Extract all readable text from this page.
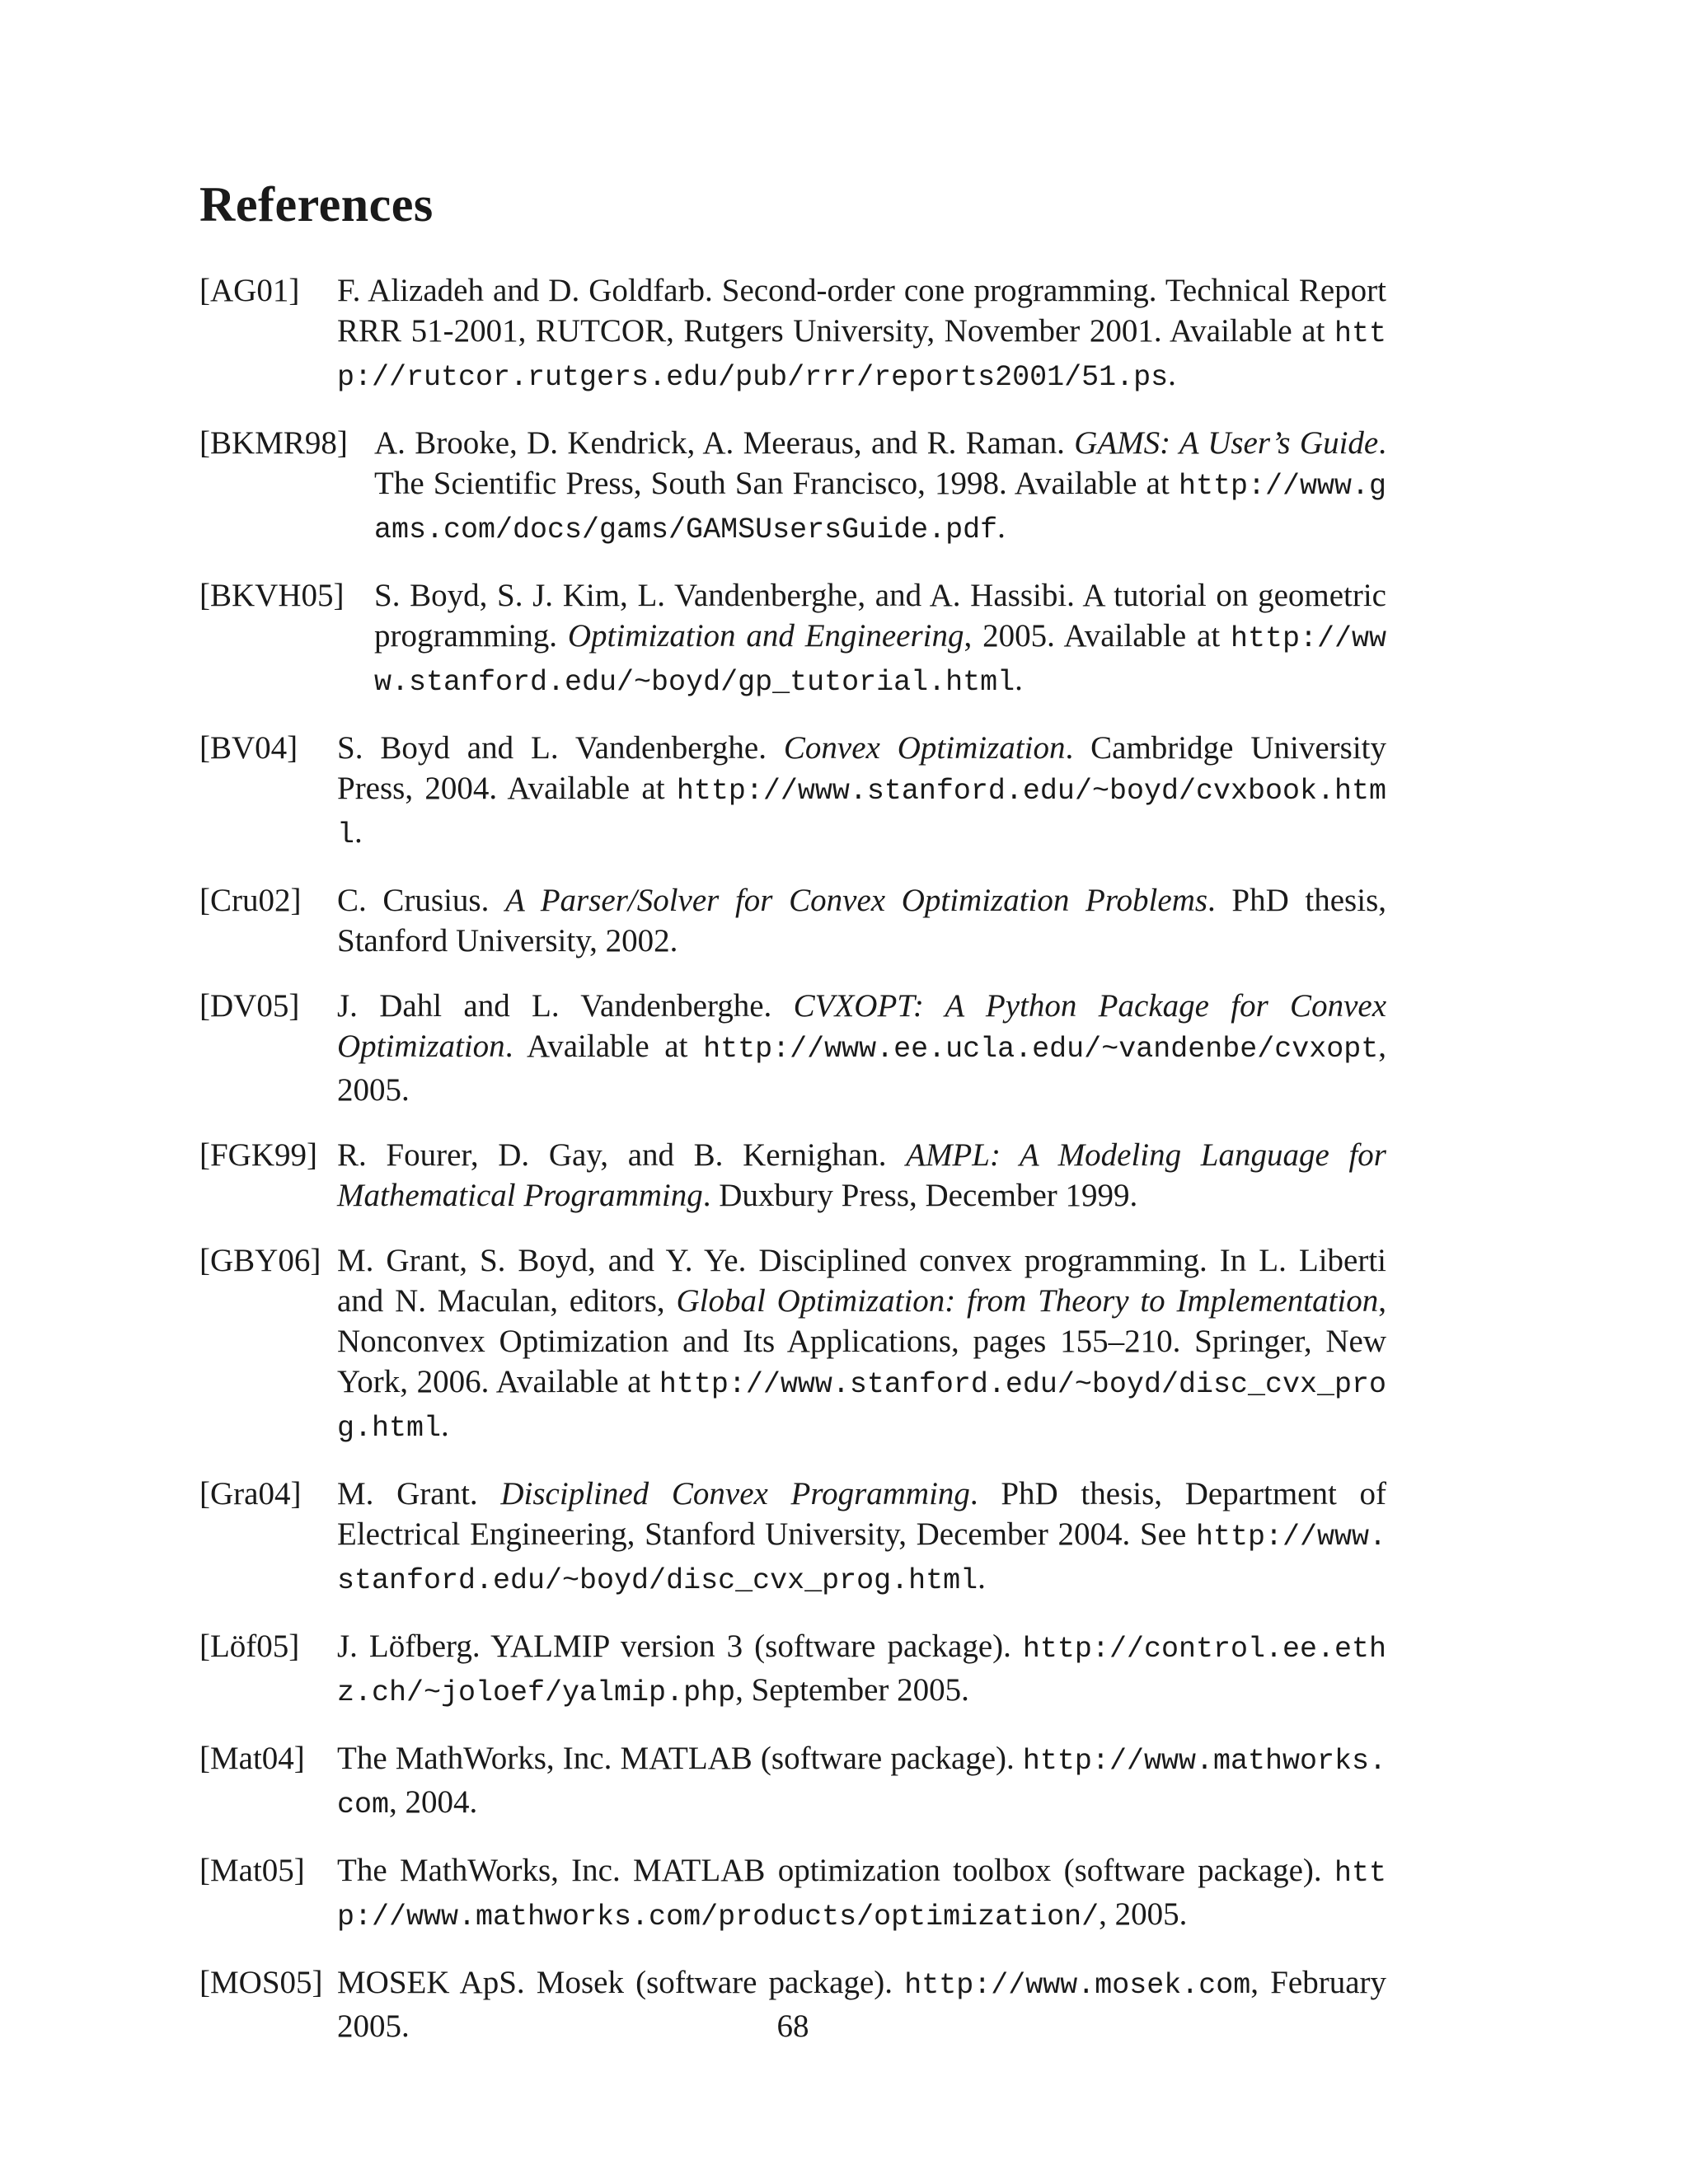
References
[AG01] F. Alizadeh and D. Goldfarb. Second-order cone programming. Technical Report RRR 51-2001, RUTCOR, Rutgers University, November 2001. Available at http://rutcor.rutgers.edu/pub/rrr/reports2001/51.ps.
[BKMR98] A. Brooke, D. Kendrick, A. Meeraus, and R. Raman. GAMS: A User’s Guide. The Scientific Press, South San Francisco, 1998. Available at http://www.gams.com/docs/gams/GAMSUsersGuide.pdf.
[BKVH05] S. Boyd, S. J. Kim, L. Vandenberghe, and A. Hassibi. A tutorial on geometric programming. Optimization and Engineering, 2005. Available at http://www.stanford.edu/~boyd/gp_tutorial.html.
[BV04] S. Boyd and L. Vandenberghe. Convex Optimization. Cambridge University Press, 2004. Available at http://www.stanford.edu/~boyd/cvxbook.html.
[Cru02] C. Crusius. A Parser/Solver for Convex Optimization Problems. PhD thesis, Stanford University, 2002.
[DV05] J. Dahl and L. Vandenberghe. CVXOPT: A Python Package for Convex Optimization. Available at http://www.ee.ucla.edu/~vandenbe/cvxopt, 2005.
[FGK99] R. Fourer, D. Gay, and B. Kernighan. AMPL: A Modeling Language for Mathematical Programming. Duxbury Press, December 1999.
[GBY06] M. Grant, S. Boyd, and Y. Ye. Disciplined convex programming. In L. Liberti and N. Maculan, editors, Global Optimization: from Theory to Implementation, Nonconvex Optimization and Its Applications, pages 155–210. Springer, New York, 2006. Available at http://www.stanford.edu/~boyd/disc_cvx_prog.html.
[Gra04] M. Grant. Disciplined Convex Programming. PhD thesis, Department of Electrical Engineering, Stanford University, December 2004. See http://www.stanford.edu/~boyd/disc_cvx_prog.html.
[Löf05] J. Löfberg. YALMIP version 3 (software package). http://control.ee.ethz.ch/~joloef/yalmip.php, September 2005.
[Mat04] The MathWorks, Inc. MATLAB (software package). http://www.mathworks.com, 2004.
[Mat05] The MathWorks, Inc. MATLAB optimization toolbox (software package). http://www.mathworks.com/products/optimization/, 2005.
[MOS05] MOSEK ApS. Mosek (software package). http://www.mosek.com, February 2005.	68
